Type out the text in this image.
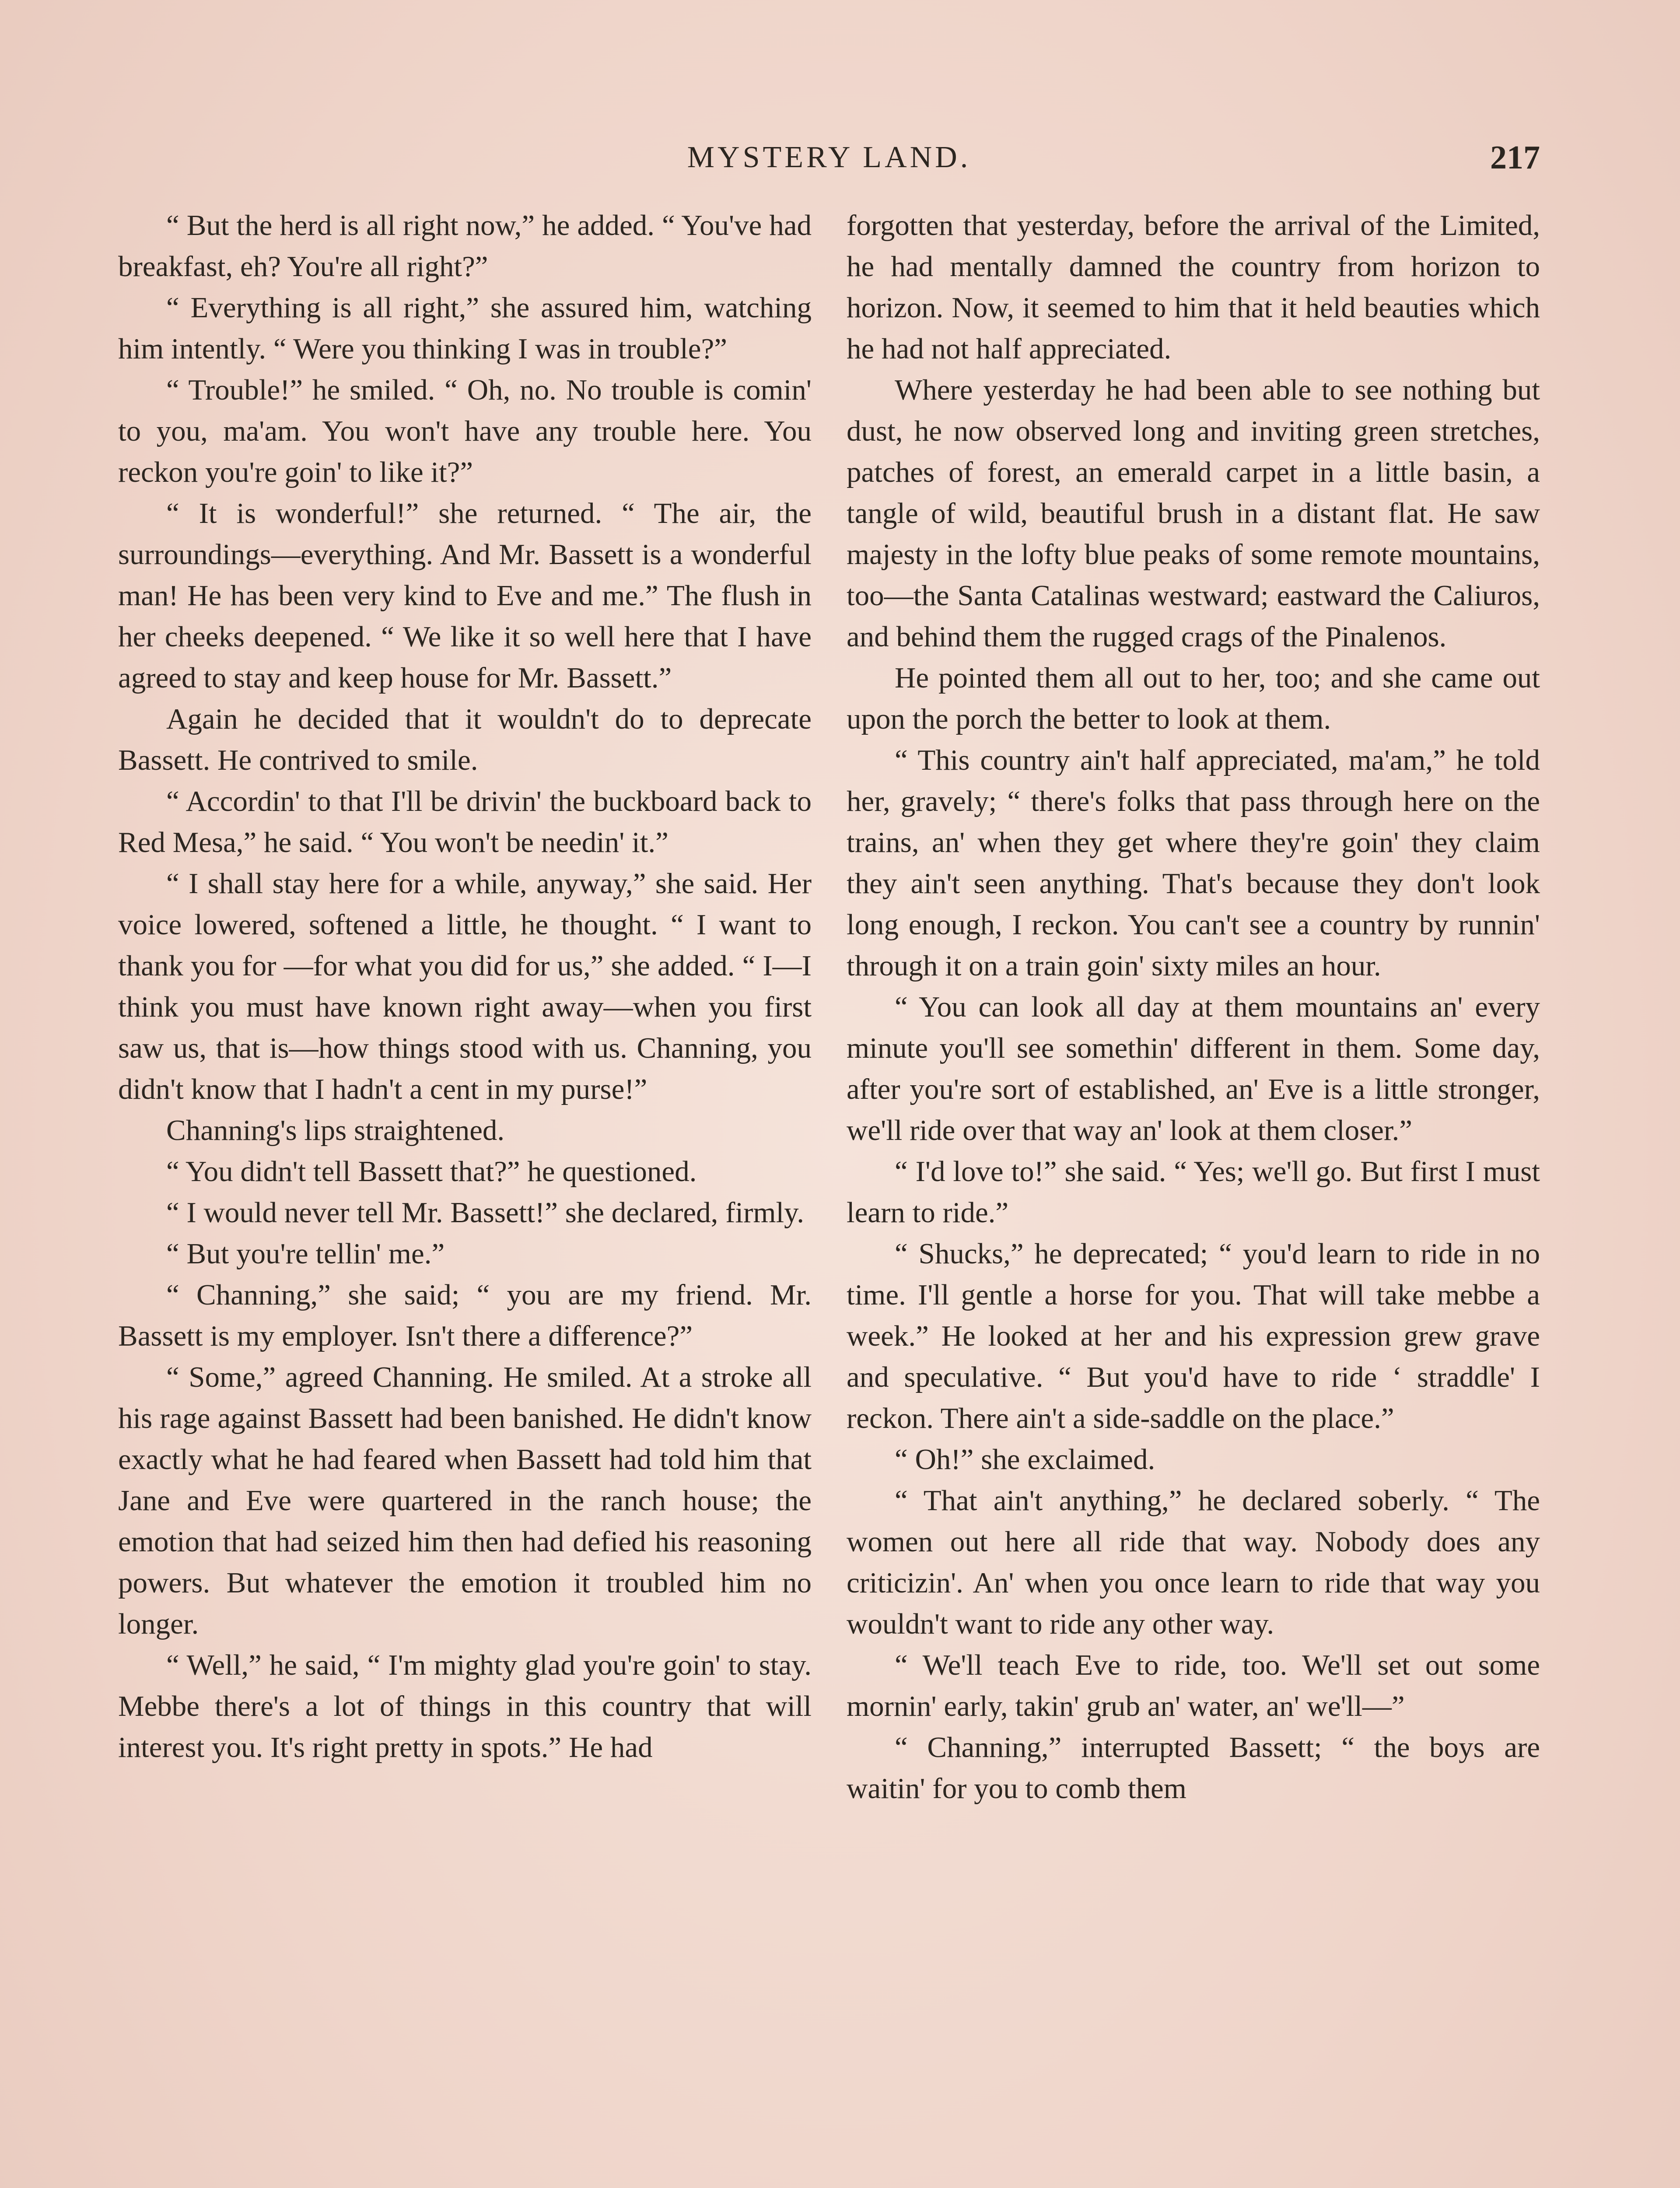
MYSTERY LAND.	217

“ But the herd is all right now,” he added. “ You've had breakfast, eh? You're all right?”

“ Everything is all right,” she assured him, watching him intently. “ Were you thinking I was in trouble?”

“ Trouble!” he smiled. “ Oh, no. No trouble is comin' to you, ma'am. You won't have any trouble here. You reckon you're goin' to like it?”

“ It is wonderful!” she returned. “ The air, the surroundings—everything. And Mr. Bassett is a wonderful man! He has been very kind to Eve and me.” The flush in her cheeks deepened. “ We like it so well here that I have agreed to stay and keep house for Mr. Bassett.”

Again he decided that it wouldn't do to deprecate Bassett. He contrived to smile.

“ Accordin' to that I'll be drivin' the buckboard back to Red Mesa,” he said. “ You won't be needin' it.”

“ I shall stay here for a while, anyway,” she said. Her voice lowered, softened a little, he thought. “ I want to thank you for —for what you did for us,” she added. “ I—I think you must have known right away—when you first saw us, that is—how things stood with us. Channing, you didn't know that I hadn't a cent in my purse!”

Channing's lips straightened.

“ You didn't tell Bassett that?” he questioned.

“ I would never tell Mr. Bassett!” she declared, firmly.

“ But you're tellin' me.”

“ Channing,” she said; “ you are my friend. Mr. Bassett is my employer. Isn't there a difference?”

“ Some,” agreed Channing. He smiled. At a stroke all his rage against Bassett had been banished. He didn't know exactly what he had feared when Bassett had told him that Jane and Eve were quartered in the ranch house; the emotion that had seized him then had defied his reasoning powers. But whatever the emotion it troubled him no longer.

“ Well,” he said, “ I'm mighty glad you're goin' to stay. Mebbe there's a lot of things in this country that will interest you. It's right pretty in spots.” He had

forgotten that yesterday, before the arrival of the Limited, he had mentally damned the country from horizon to horizon. Now, it seemed to him that it held beauties which he had not half appreciated.

Where yesterday he had been able to see nothing but dust, he now observed long and inviting green stretches, patches of forest, an emerald carpet in a little basin, a tangle of wild, beautiful brush in a distant flat. He saw majesty in the lofty blue peaks of some remote mountains, too—the Santa Catalinas westward; eastward the Caliuros, and behind them the rugged crags of the Pinalenos.

He pointed them all out to her, too; and she came out upon the porch the better to look at them.

“ This country ain't half appreciated, ma'am,” he told her, gravely; “ there's folks that pass through here on the trains, an' when they get where they're goin' they claim they ain't seen anything. That's because they don't look long enough, I reckon. You can't see a country by runnin' through it on a train goin' sixty miles an hour.

“ You can look all day at them mountains an' every minute you'll see somethin' different in them. Some day, after you're sort of established, an' Eve is a little stronger, we'll ride over that way an' look at them closer.”

“ I'd love to!” she said. “ Yes; we'll go. But first I must learn to ride.”

“ Shucks,” he deprecated; “ you'd learn to ride in no time. I'll gentle a horse for you. That will take mebbe a week.” He looked at her and his expression grew grave and speculative. “ But you'd have to ride ‘ straddle' I reckon. There ain't a side-saddle on the place.”

“ Oh!” she exclaimed.

“ That ain't anything,” he declared soberly. “ The women out here all ride that way. Nobody does any criticizin'. An' when you once learn to ride that way you wouldn't want to ride any other way.

“ We'll teach Eve to ride, too. We'll set out some mornin' early, takin' grub an' water, an' we'll—”

“ Channing,” interrupted Bassett; “ the boys are waitin' for you to comb them
